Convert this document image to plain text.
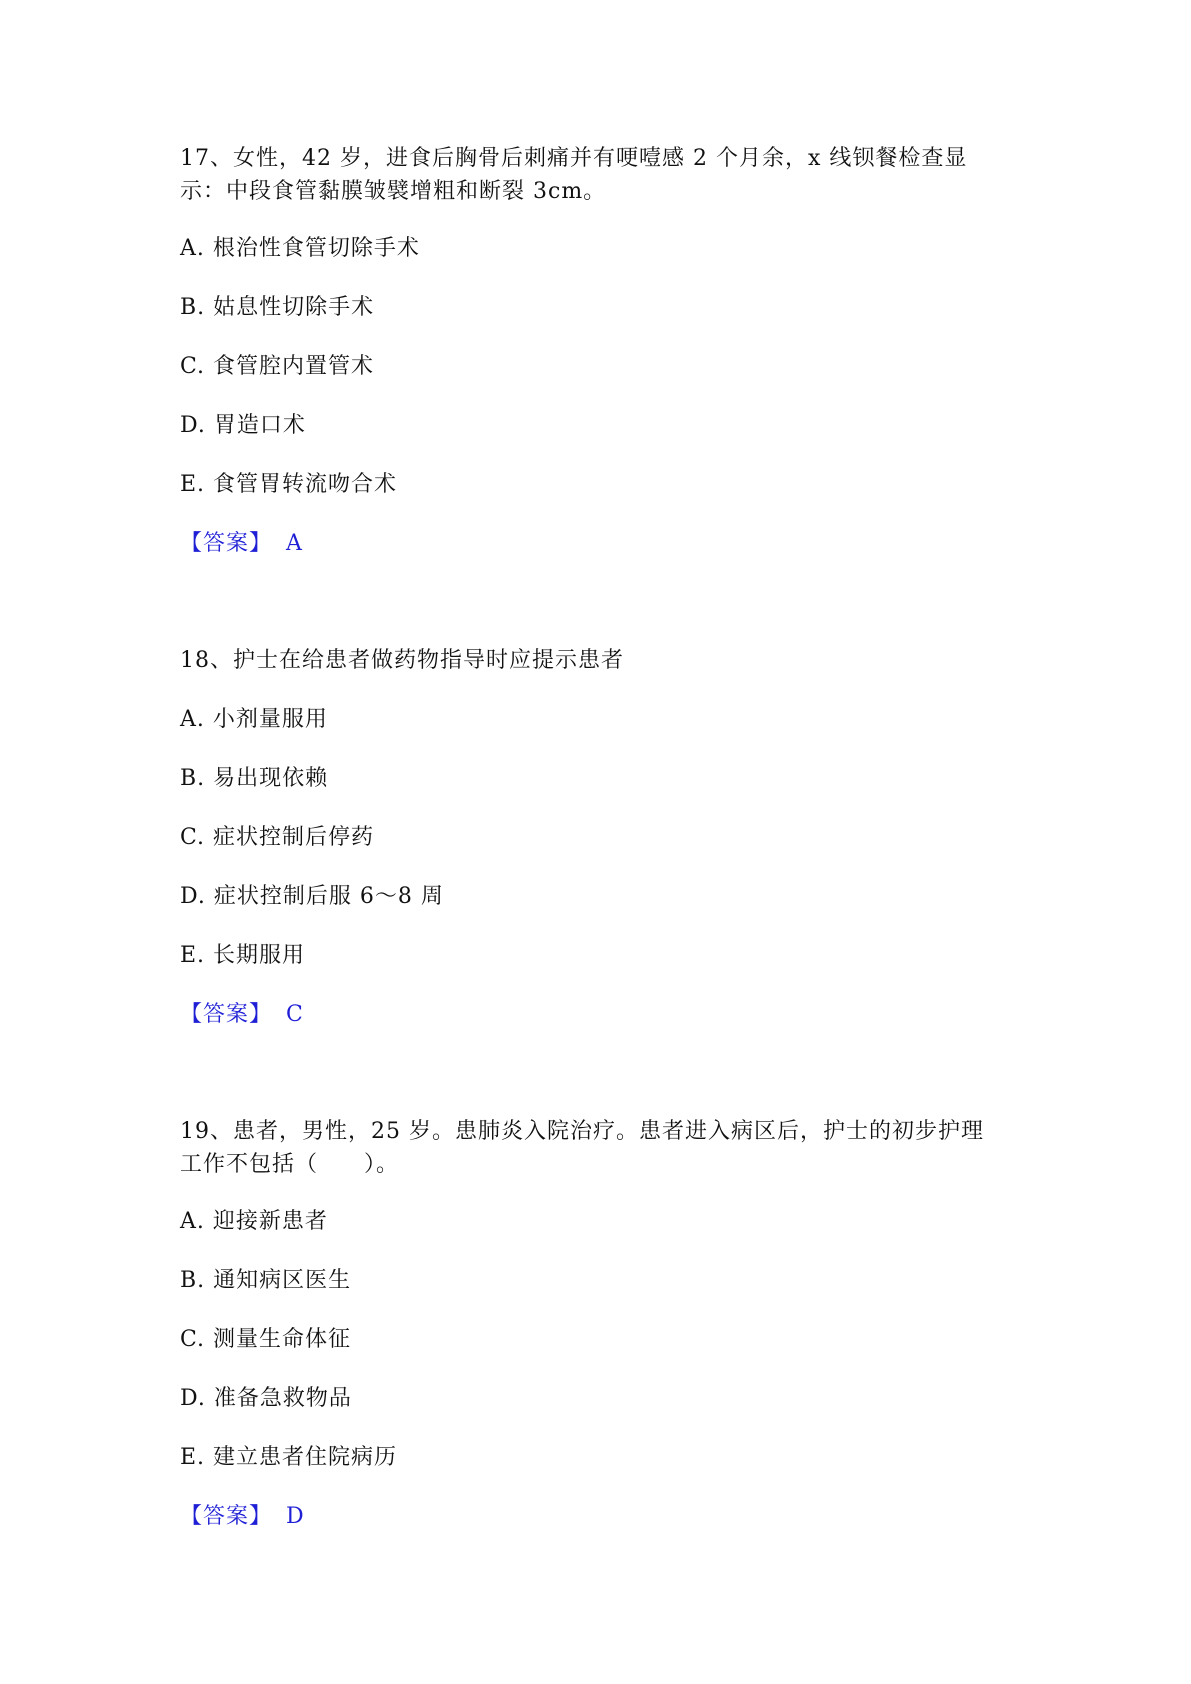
17、女性，42 岁，进食后胸骨后刺痛并有哽噎感 2 个月余，x 线钡餐检查显
示：中段食管黏膜皱襞增粗和断裂 3cm。
A. 根治性食管切除手术
B. 姑息性切除手术
C. 食管腔内置管术
D. 胃造口术
E. 食管胃转流吻合术
【答案】 A
18、护士在给患者做药物指导时应提示患者
A. 小剂量服用
B. 易出现依赖
C. 症状控制后停药
D. 症状控制后服 6～8 周
E. 长期服用
【答案】 C
19、患者，男性，25 岁。患肺炎入院治疗。患者进入病区后，护士的初步护理
工作不包括（　　）。
A. 迎接新患者
B. 通知病区医生
C. 测量生命体征
D. 准备急救物品
E. 建立患者住院病历
【答案】 D
